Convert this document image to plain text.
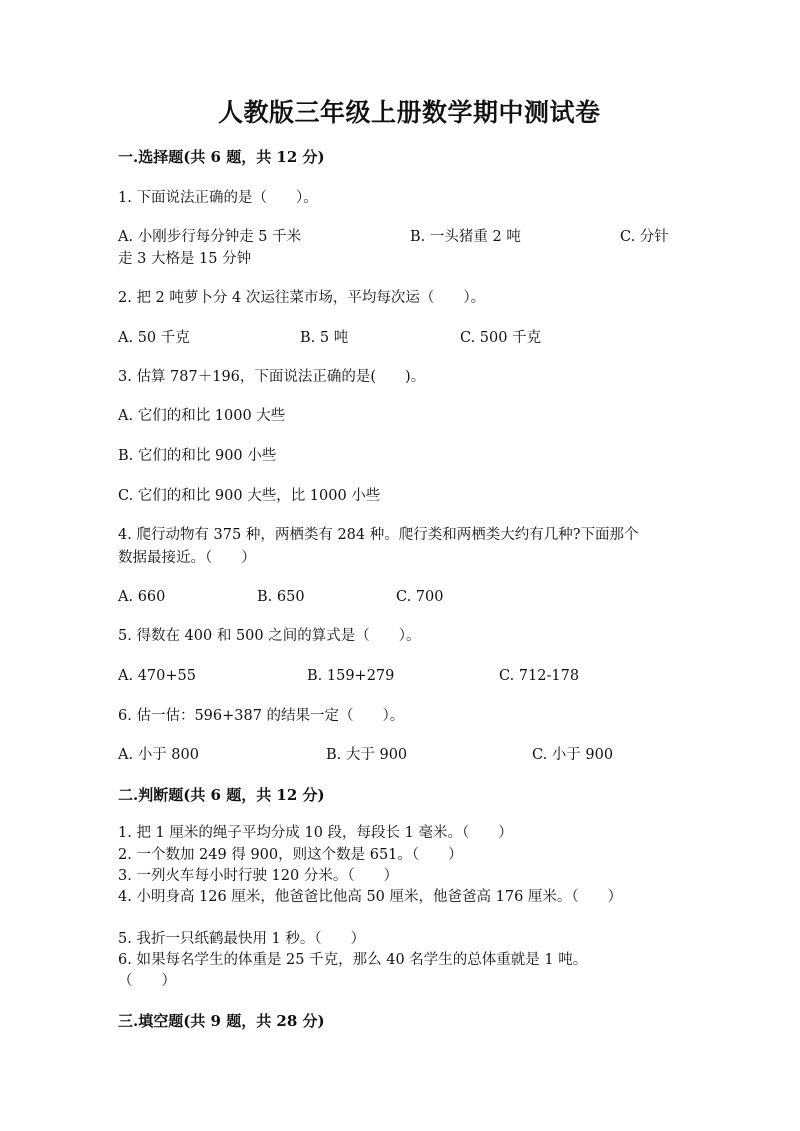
人教版三年级上册数学期中测试卷
一.选择题(共 6 题，共 12 分)
1. 下面说法正确的是（　　）。
A. 小刚步行每分钟走 5 千米	B. 一头猪重 2 吨	C. 分针
走 3 大格是 15 分钟
2. 把 2 吨萝卜分 4 次运往菜市场，平均每次运（　　）。
A. 50 千克	B. 5 吨	C. 500 千克
3. 估算 787＋196，下面说法正确的是(　　)。
A. 它们的和比 1000 大些
B. 它们的和比 900 小些
C. 它们的和比 900 大些，比 1000 小些
4. 爬行动物有 375 种，两栖类有 284 种。爬行类和两栖类大约有几种?下面那个
数据最接近。（　　）
A. 660	B. 650	C. 700
5. 得数在 400 和 500 之间的算式是（　　）。
A. 470+55	B. 159+279	C. 712-178
6. 估一估：596+387 的结果一定（　　）。
A. 小于 800	B. 大于 900	C. 小于 900
二.判断题(共 6 题，共 12 分)
1. 把 1 厘米的绳子平均分成 10 段，每段长 1 毫米。（　　）
2. 一个数加 249 得 900，则这个数是 651。（　　）
3. 一列火车每小时行驶 120 分米。（　　）
4. 小明身高 126 厘米，他爸爸比他高 50 厘米，他爸爸高 176 厘米。（　　）
5. 我折一只纸鹤最快用 1 秒。（　　）
6. 如果每名学生的体重是 25 千克，那么 40 名学生的总体重就是 1 吨。
（　　）
三.填空题(共 9 题，共 28 分)
